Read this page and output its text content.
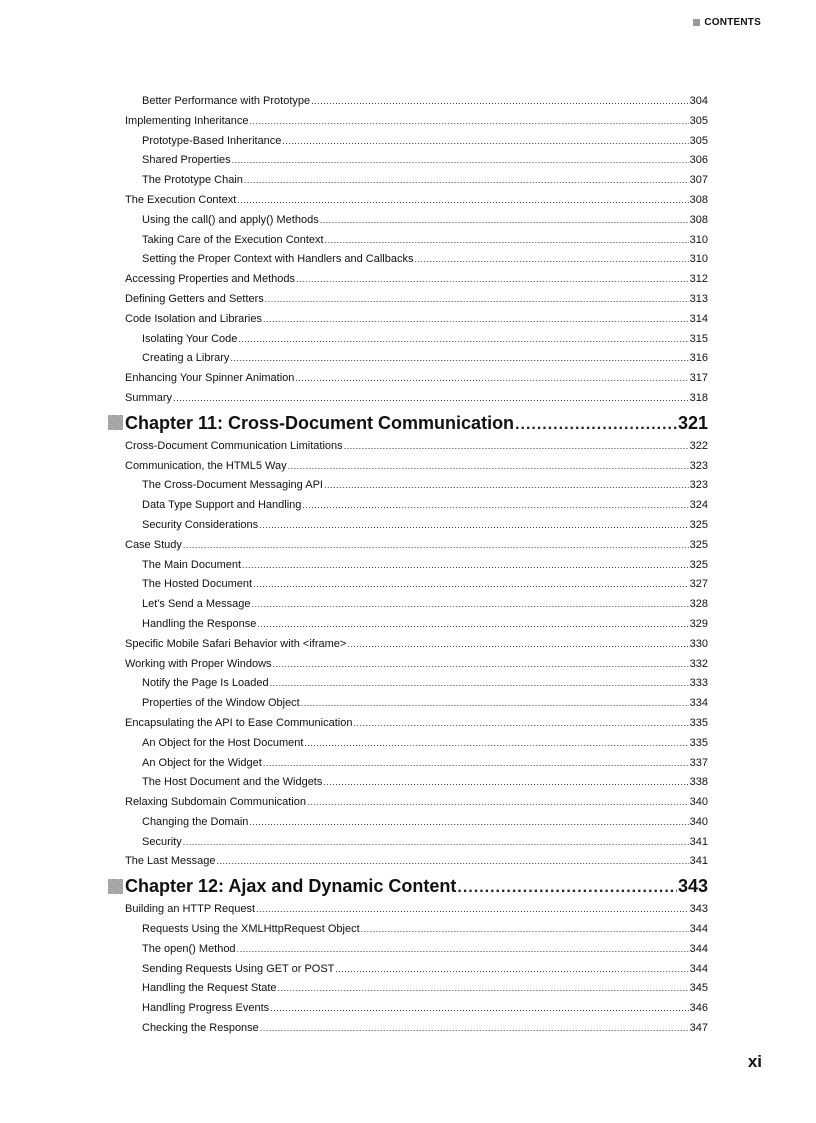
CONTENTS
Better Performance with Prototype .....	304
Implementing Inheritance .....	305
Prototype-Based Inheritance .....	305
Shared Properties .....	306
The Prototype Chain .....	307
The Execution Context .....	308
Using the call() and apply() Methods .....	308
Taking Care of the Execution Context .....	310
Setting the Proper Context with Handlers and Callbacks .....	310
Accessing Properties and Methods .....	312
Defining Getters and Setters .....	313
Code Isolation and Libraries .....	314
Isolating Your Code .....	315
Creating a Library .....	316
Enhancing Your Spinner Animation .....	317
Summary .....	318
Chapter 11: Cross-Document Communication .....	321
Cross-Document Communication Limitations .....	322
Communication, the HTML5 Way .....	323
The Cross-Document Messaging API .....	323
Data Type Support and Handling .....	324
Security Considerations .....	325
Case Study .....	325
The Main Document .....	325
The Hosted Document .....	327
Let's Send a Message .....	328
Handling the Response .....	329
Specific Mobile Safari Behavior with <iframe> .....	330
Working with Proper Windows .....	332
Notify the Page Is Loaded .....	333
Properties of the Window Object .....	334
Encapsulating the API to Ease Communication .....	335
An Object for the Host Document .....	335
An Object for the Widget .....	337
The Host Document and the Widgets .....	338
Relaxing Subdomain Communication .....	340
Changing the Domain .....	340
Security .....	341
The Last Message .....	341
Chapter 12: Ajax and Dynamic Content .....	343
Building an HTTP Request .....	343
Requests Using the XMLHttpRequest Object .....	344
The open() Method .....	344
Sending Requests Using GET or POST .....	344
Handling the Request State .....	345
Handling Progress Events .....	346
Checking the Response .....	347
xi
